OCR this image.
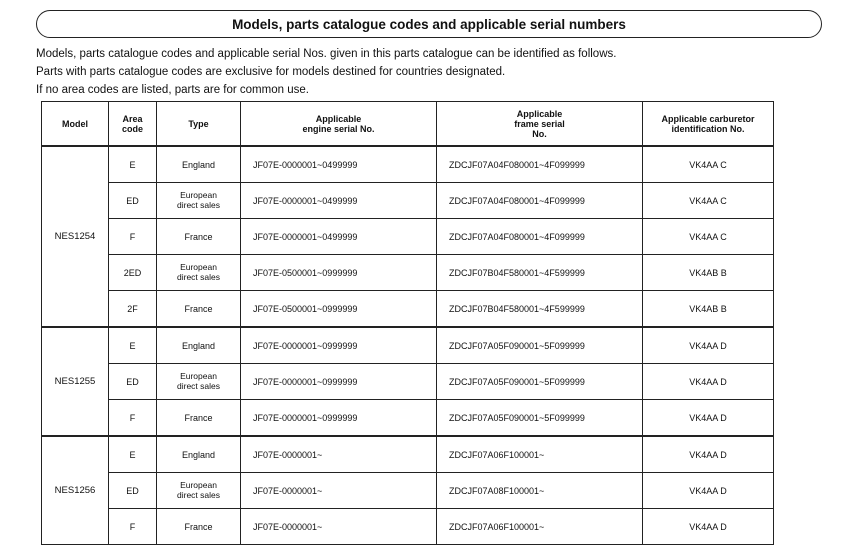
Models, parts catalogue codes and applicable serial numbers
Models, parts catalogue codes and applicable serial Nos. given in this parts catalogue can be identified as follows.
Parts with parts catalogue codes are exclusive for models destined for countries designated.
If no area codes are listed, parts are for common use.
Model	Area code	Type	Applicable engine serial No.	Applicable frame serial No.	Applicable carburetor identification No.
NES1254	E	England	JF07E-0000001~0499999	ZDCJF07A04F080001~4F099999	VK4AA C
	ED	European direct sales	JF07E-0000001~0499999	ZDCJF07A04F080001~4F099999	VK4AA C
	F	France	JF07E-0000001~0499999	ZDCJF07A04F080001~4F099999	VK4AA C
	2ED	European direct sales	JF07E-0500001~0999999	ZDCJF07B04F580001~4F599999	VK4AB B
	2F	France	JF07E-0500001~0999999	ZDCJF07B04F580001~4F599999	VK4AB B
NES1255	E	England	JF07E-0000001~0999999	ZDCJF07A05F090001~5F099999	VK4AA D
	ED	European direct sales	JF07E-0000001~0999999	ZDCJF07A05F090001~5F099999	VK4AA D
	F	France	JF07E-0000001~0999999	ZDCJF07A05F090001~5F099999	VK4AA D
NES1256	E	England	JF07E-0000001~	ZDCJF07A06F100001~	VK4AA D
	ED	European direct sales	JF07E-0000001~	ZDCJF07A08F100001~	VK4AA D
	F	France	JF07E-0000001~	ZDCJF07A06F100001~	VK4AA D
